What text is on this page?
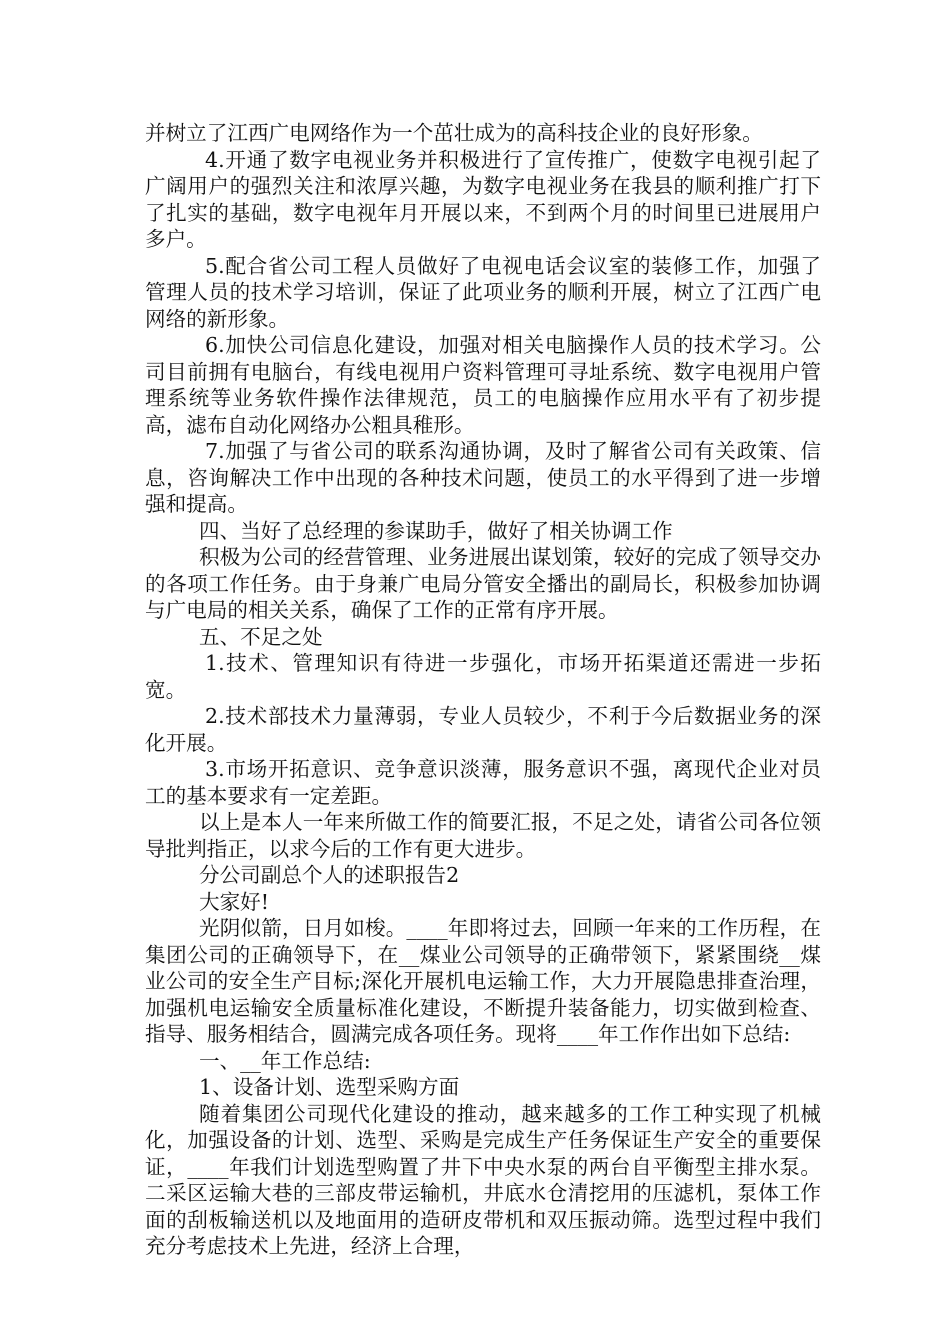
并树立了江西广电网络作为一个茁壮成为的高科技企业的良好形象。

4.开通了数字电视业务并积极进行了宣传推广，使数字电视引起了广阔用户的强烈关注和浓厚兴趣，为数字电视业务在我县的顺利推广打下了扎实的基础，数字电视年月开展以来，不到两个月的时间里已进展用户多户。

5.配合省公司工程人员做好了电视电话会议室的装修工作，加强了管理人员的技术学习培训，保证了此项业务的顺利开展，树立了江西广电网络的新形象。

6.加快公司信息化建设，加强对相关电脑操作人员的技术学习。公司目前拥有电脑台，有线电视用户资料管理可寻址系统、数字电视用户管理系统等业务软件操作法律规范，员工的电脑操作应用水平有了初步提高，滤布自动化网络办公粗具稚形。

7.加强了与省公司的联系沟通协调，及时了解省公司有关政策、信息，咨询解决工作中出现的各种技术问题，使员工的水平得到了进一步增强和提高。

四、当好了总经理的参谋助手，做好了相关协调工作

积极为公司的经营管理、业务进展出谋划策，较好的完成了领导交办的各项工作任务。由于身兼广电局分管安全播出的副局长，积极参加协调与广电局的相关关系，确保了工作的正常有序开展。

五、不足之处

1.技术、管理知识有待进一步强化，市场开拓渠道还需进一步拓宽。

2.技术部技术力量薄弱，专业人员较少，不利于今后数据业务的深化开展。

3.市场开拓意识、竞争意识淡薄，服务意识不强，离现代企业对员工的基本要求有一定差距。

以上是本人一年来所做工作的简要汇报，不足之处，请省公司各位领导批判指正，以求今后的工作有更大进步。

分公司副总个人的述职报告2

大家好!

光阴似箭，日月如梭。____年即将过去，回顾一年来的工作历程，在集团公司的正确领导下，在__煤业公司领导的正确带领下，紧紧围绕__煤业公司的安全生产目标;深化开展机电运输工作，大力开展隐患排查治理，加强机电运输安全质量标准化建设，不断提升装备能力，切实做到检查、指导、服务相结合，圆满完成各项任务。现将____年工作作出如下总结:

一、__年工作总结:

1、设备计划、选型采购方面

随着集团公司现代化建设的推动，越来越多的工作工种实现了机械化，加强设备的计划、选型、采购是完成生产任务保证生产安全的重要保证，____年我们计划选型购置了井下中央水泵的两台自平衡型主排水泵。二采区运输大巷的三部皮带运输机，井底水仓清挖用的压滤机，泵体工作面的刮板输送机以及地面用的造研皮带机和双压振动筛。选型过程中我们充分考虑技术上先进，经济上合理，
